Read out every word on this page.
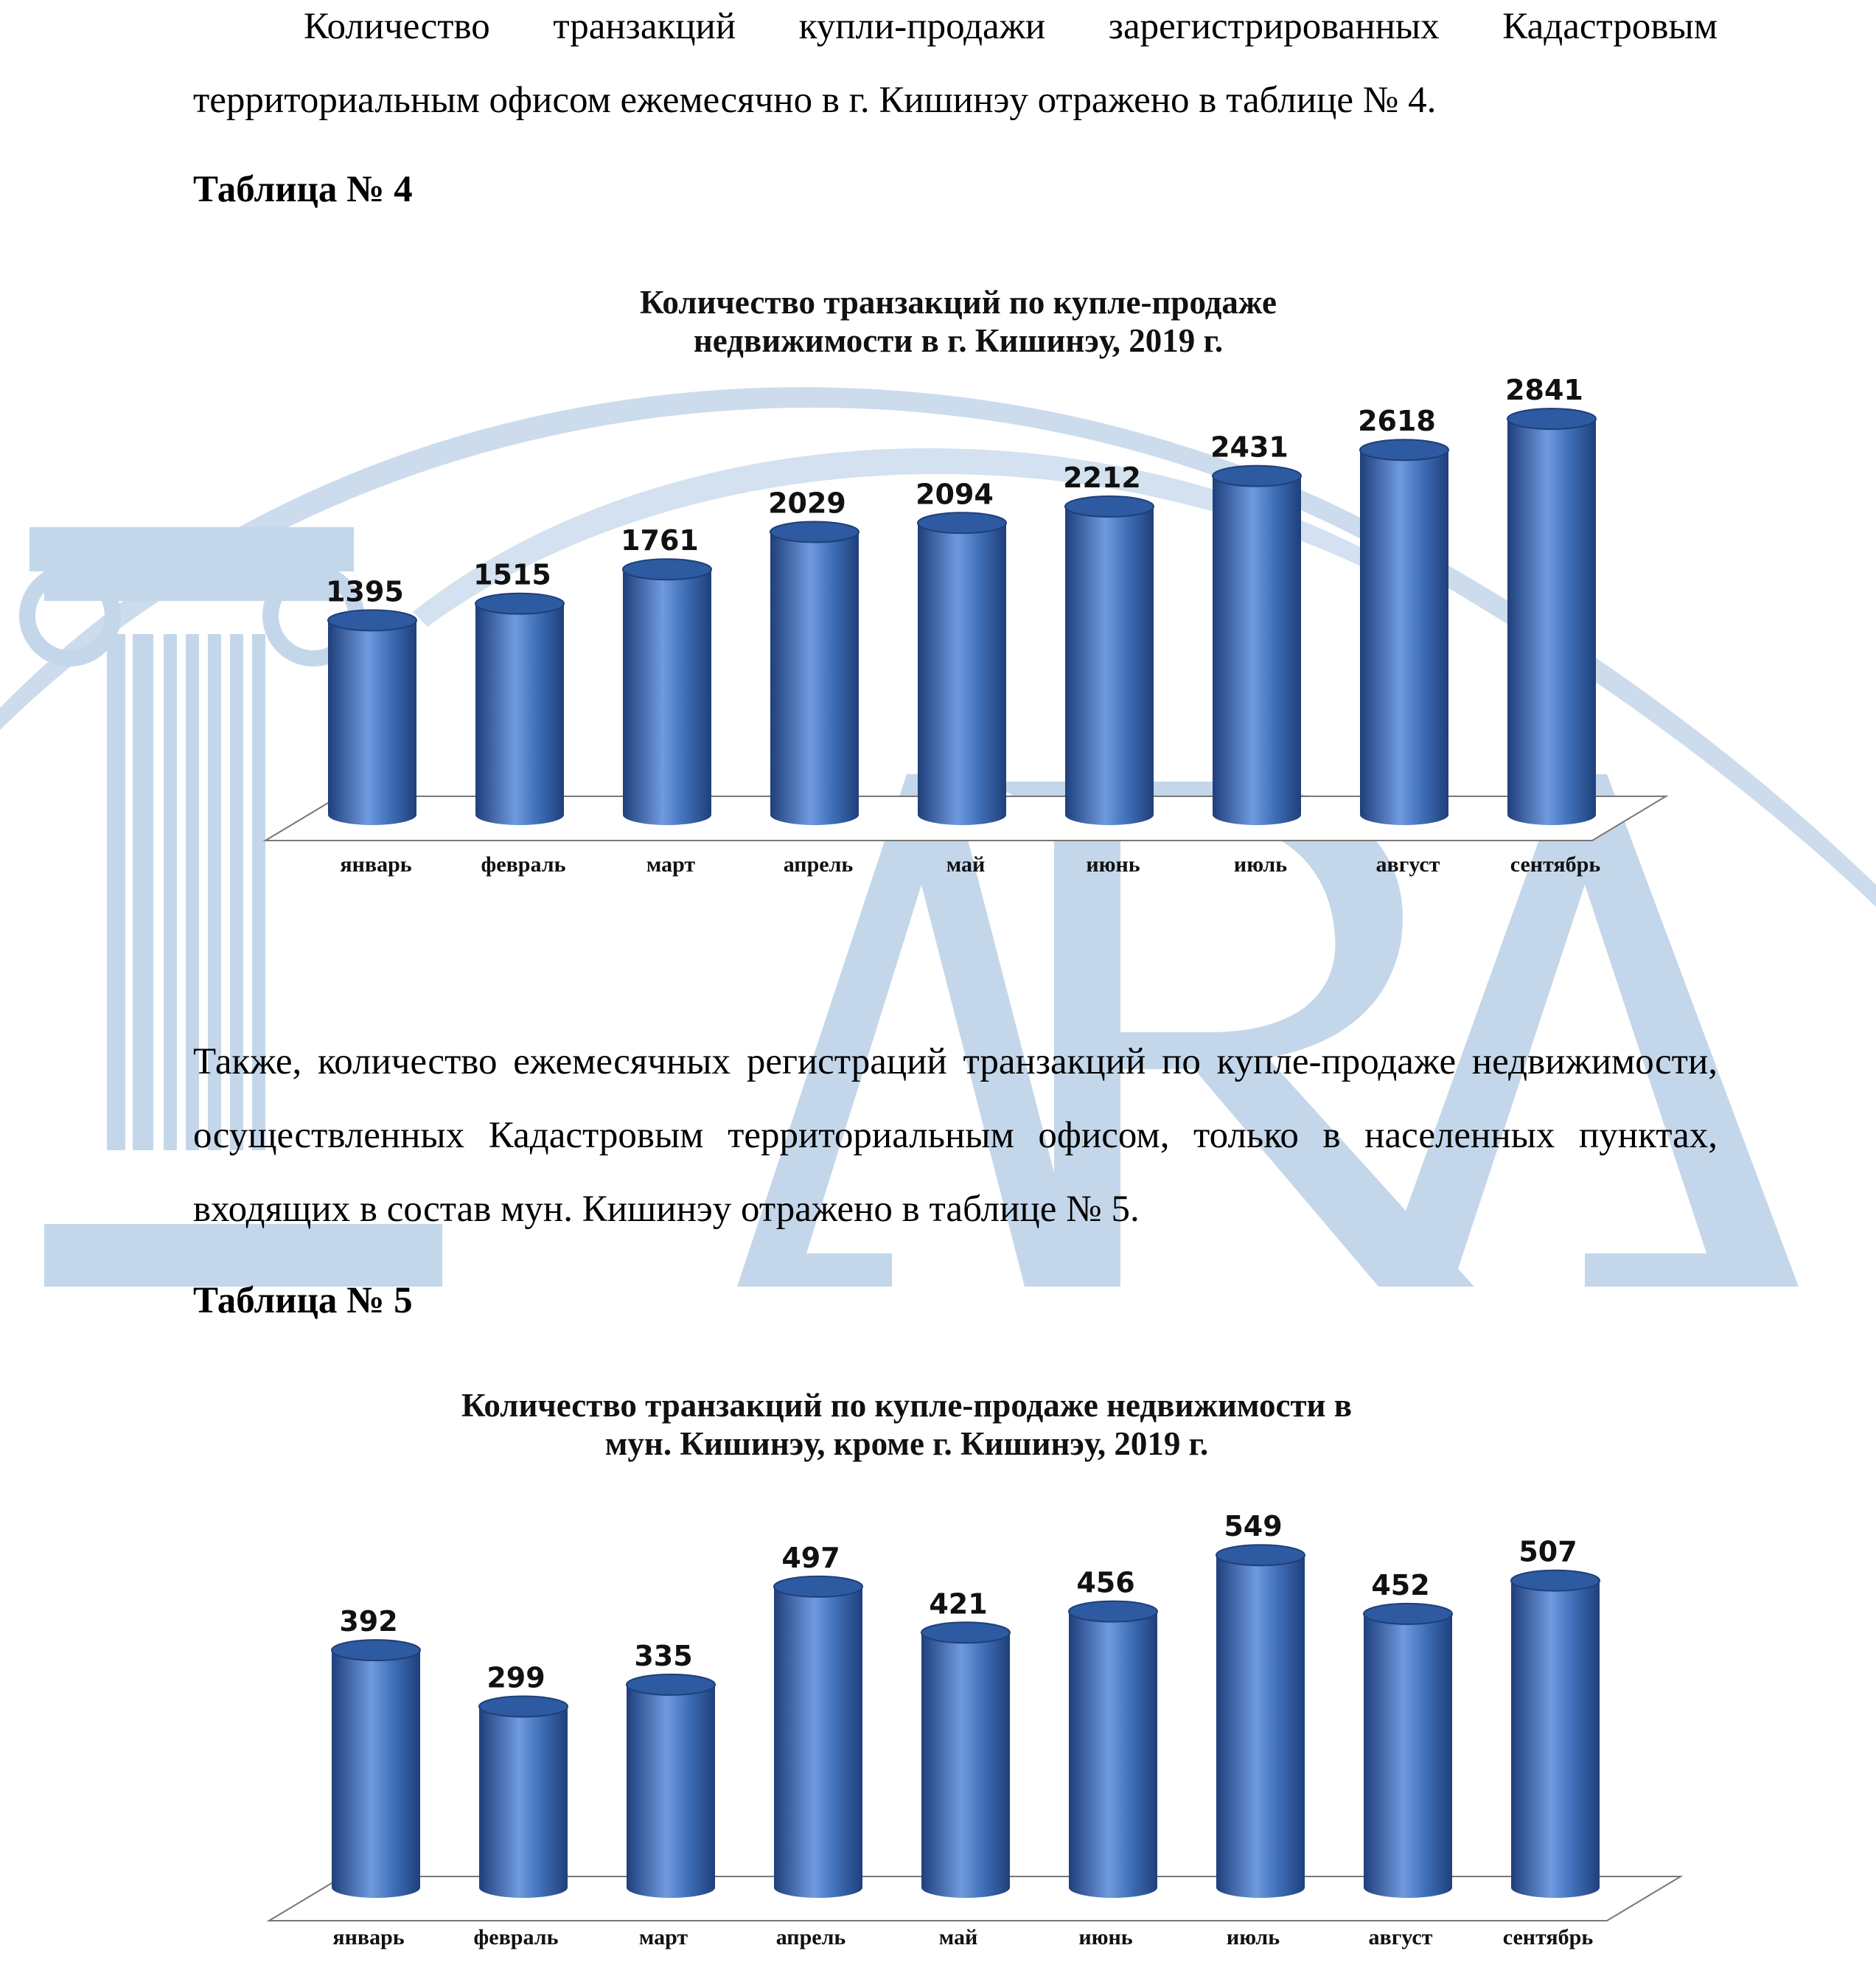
Количество транзакций купли-продажи зарегистрированных Кадастровым территориальным офисом ежемесячно в г. Кишинэу отражено в таблице № 4.

Таблица № 4

Количество транзакций по купле-продаже
недвижимости в г. Кишинэу, 2019 г.
1395
январь
1515
февраль
1761
март
2029
апрель
2094
май
2212
июнь
2431
июль
2618
август
2841
сентябрь

Также, количество ежемесячных регистраций транзакций по купле-продаже недвижимости, осуществленных Кадастровым территориальным офисом, только в населенных пунктах, входящих в состав мун. Кишинэу отражено в таблице № 5.

Таблица № 5

Количество транзакций по купле-продаже недвижимости в
мун. Кишинэу, кроме г. Кишинэу, 2019 г.
392
январь
299
февраль
335
март
497
апрель
421
май
456
июнь
549
июль
452
август
507
сентябрь
